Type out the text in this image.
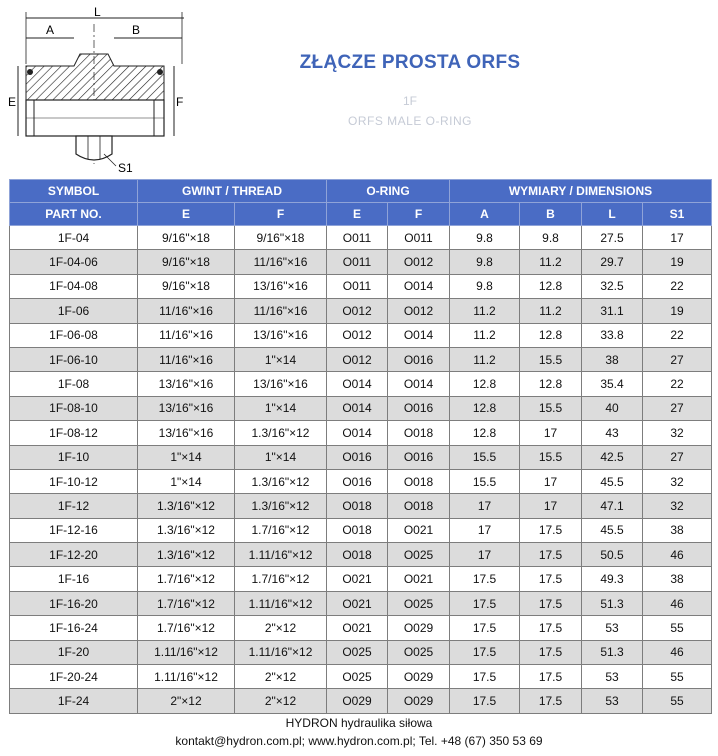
L
A	B
E	F
S1
ZŁĄCZE PROSTA ORFS
1F
ORFS MALE O-RING
SYMBOL	GWINT / THREAD		O-RING		WYMIARY / DIMENSIONS			
PART NO.	E	F	E	F	A	B	L	S1
1F-04	9/16"×18	9/16"×18	O011	O011	9.8	9.8	27.5	17
1F-04-06	9/16"×18	11/16"×16	O011	O012	9.8	11.2	29.7	19
1F-04-08	9/16"×18	13/16"×16	O011	O014	9.8	12.8	32.5	22
1F-06	11/16"×16	11/16"×16	O012	O012	11.2	11.2	31.1	19
1F-06-08	11/16"×16	13/16"×16	O012	O014	11.2	12.8	33.8	22
1F-06-10	11/16"×16	1"×14	O012	O016	11.2	15.5	38	27
1F-08	13/16"×16	13/16"×16	O014	O014	12.8	12.8	35.4	22
1F-08-10	13/16"×16	1"×14	O014	O016	12.8	15.5	40	27
1F-08-12	13/16"×16	1.3/16"×12	O014	O018	12.8	17	43	32
1F-10	1"×14	1"×14	O016	O016	15.5	15.5	42.5	27
1F-10-12	1"×14	1.3/16"×12	O016	O018	15.5	17	45.5	32
1F-12	1.3/16"×12	1.3/16"×12	O018	O018	17	17	47.1	32
1F-12-16	1.3/16"×12	1.7/16"×12	O018	O021	17	17.5	45.5	38
1F-12-20	1.3/16"×12	1.11/16"×12	O018	O025	17	17.5	50.5	46
1F-16	1.7/16"×12	1.7/16"×12	O021	O021	17.5	17.5	49.3	38
1F-16-20	1.7/16"×12	1.11/16"×12	O021	O025	17.5	17.5	51.3	46
1F-16-24	1.7/16"×12	2"×12	O021	O029	17.5	17.5	53	55
1F-20	1.11/16"×12	1.11/16"×12	O025	O025	17.5	17.5	51.3	46
1F-20-24	1.11/16"×12	2"×12	O025	O029	17.5	17.5	53	55
1F-24	2"×12	2"×12	O029	O029	17.5	17.5	53	55
HYDRON hydraulika siłowa
kontakt@hydron.com.pl; www.hydron.com.pl; Tel. +48 (67) 350 53 69
